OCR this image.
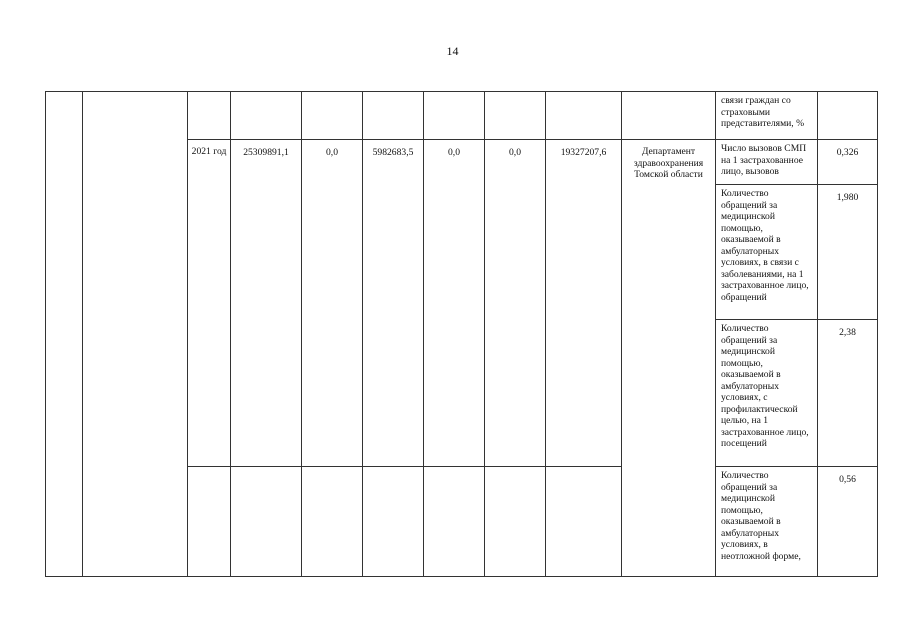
14
										связи граждан со страховыми представителями, %	
		2021 год	25309891,1	0,0	5982683,5	0,0	0,0	19327207,6	Департамент здравоохранения Томской области	Число вызовов СМП на 1 застрахованное лицо, вызовов	0,326
										Количество обращений за медицинской помощью, оказываемой в амбулаторных условиях, в связи с заболеваниями, на 1 застрахованное лицо, обращений	1,980
										Количество обращений за медицинской помощью, оказываемой в амбулаторных условиях, с профилактической целью, на 1 застрахованное лицо, посещений	2,38
										Количество обращений за медицинской помощью, оказываемой в амбулаторных условиях, в неотложной форме,	0,56
